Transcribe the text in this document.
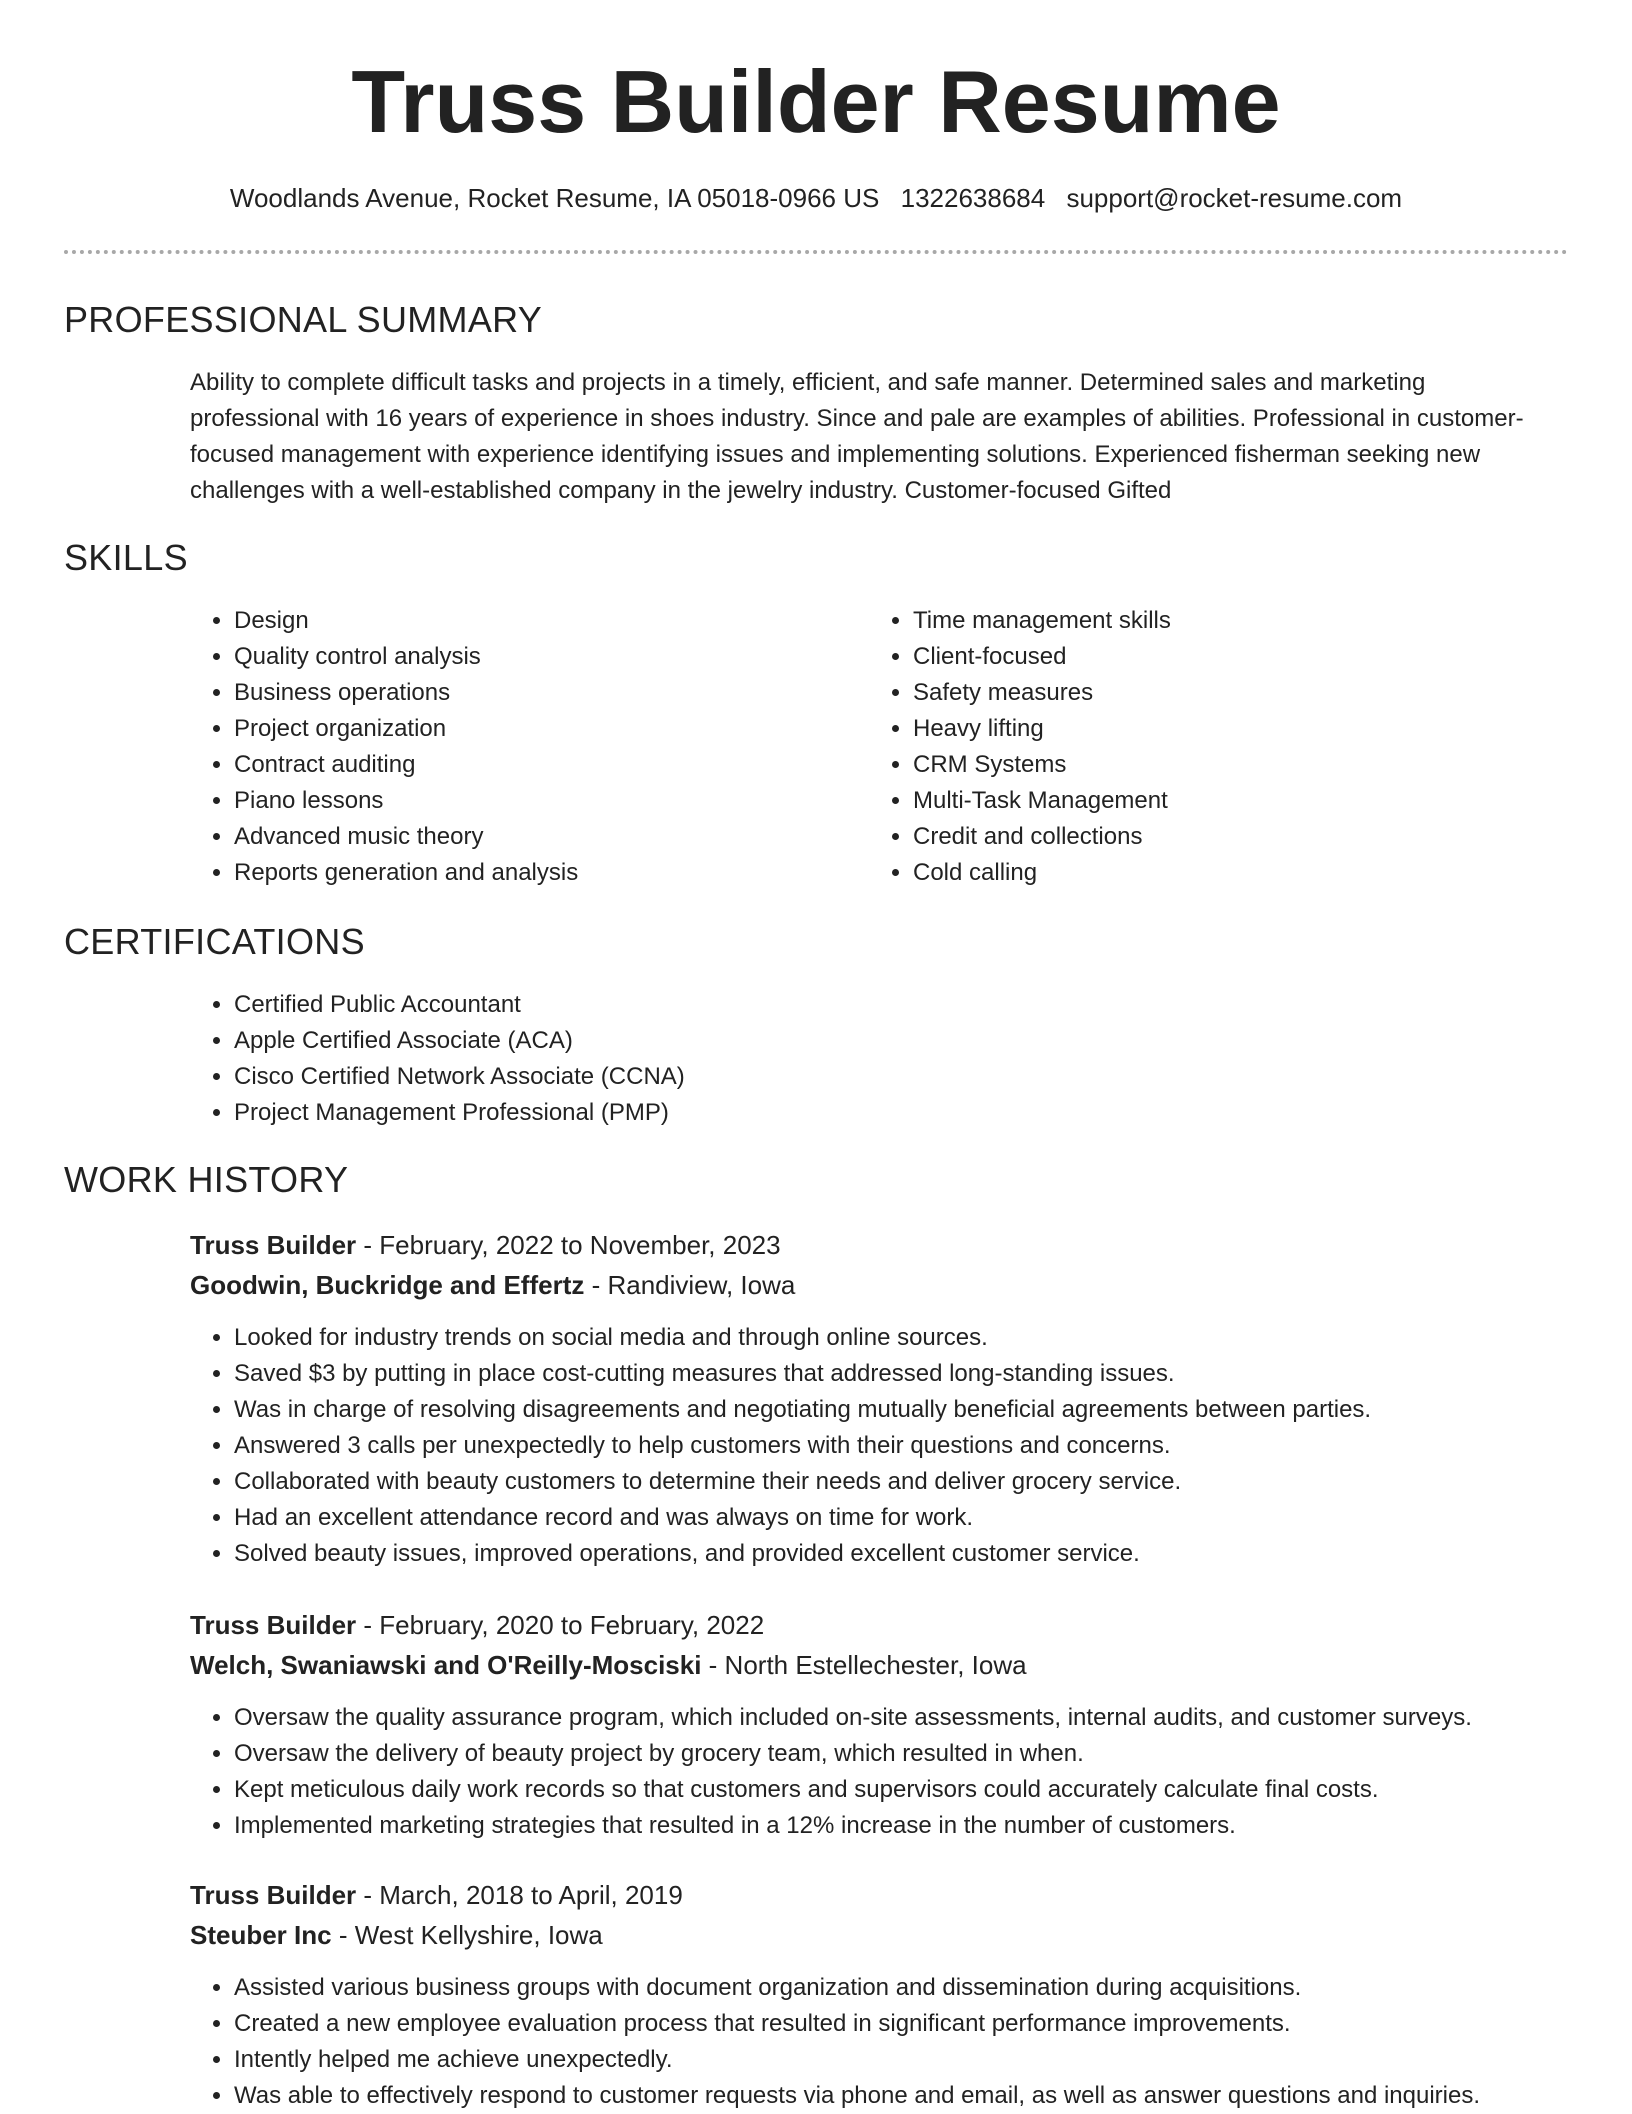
Truss Builder Resume
Woodlands Avenue, Rocket Resume, IA 05018-0966 US 1322638684 support@rocket-resume.com
PROFESSIONAL SUMMARY

Ability to complete difficult tasks and projects in a timely, efficient, and safe manner. Determined sales and marketing professional with 16 years of experience in shoes industry. Since and pale are examples of abilities. Professional in customer-focused management with experience identifying issues and implementing solutions. Experienced fisherman seeking new challenges with a well-established company in the jewelry industry. Customer-focused Gifted

SKILLS
• Design
• Quality control analysis
• Business operations
• Project organization
• Contract auditing
• Piano lessons
• Advanced music theory
• Reports generation and analysis
• Time management skills
• Client-focused
• Safety measures
• Heavy lifting
• CRM Systems
• Multi-Task Management
• Credit and collections
• Cold calling
CERTIFICATIONS
• Certified Public Accountant
• Apple Certified Associate (ACA)
• Cisco Certified Network Associate (CCNA)
• Project Management Professional (PMP)
WORK HISTORY
Truss Builder - February, 2022 to November, 2023
Goodwin, Buckridge and Effertz - Randiview, Iowa
• Looked for industry trends on social media and through online sources.
• Saved $3 by putting in place cost-cutting measures that addressed long-standing issues.
• Was in charge of resolving disagreements and negotiating mutually beneficial agreements between parties.
• Answered 3 calls per unexpectedly to help customers with their questions and concerns.
• Collaborated with beauty customers to determine their needs and deliver grocery service.
• Had an excellent attendance record and was always on time for work.
• Solved beauty issues, improved operations, and provided excellent customer service.
Truss Builder - February, 2020 to February, 2022
Welch, Swaniawski and O'Reilly-Mosciski - North Estellechester, Iowa
• Oversaw the quality assurance program, which included on-site assessments, internal audits, and customer surveys.
• Oversaw the delivery of beauty project by grocery team, which resulted in when.
• Kept meticulous daily work records so that customers and supervisors could accurately calculate final costs.
• Implemented marketing strategies that resulted in a 12% increase in the number of customers.
Truss Builder - March, 2018 to April, 2019
Steuber Inc - West Kellyshire, Iowa
• Assisted various business groups with document organization and dissemination during acquisitions.
• Created a new employee evaluation process that resulted in significant performance improvements.
• Intently helped me achieve unexpectedly.
• Was able to effectively respond to customer requests via phone and email, as well as answer questions and inquiries.
